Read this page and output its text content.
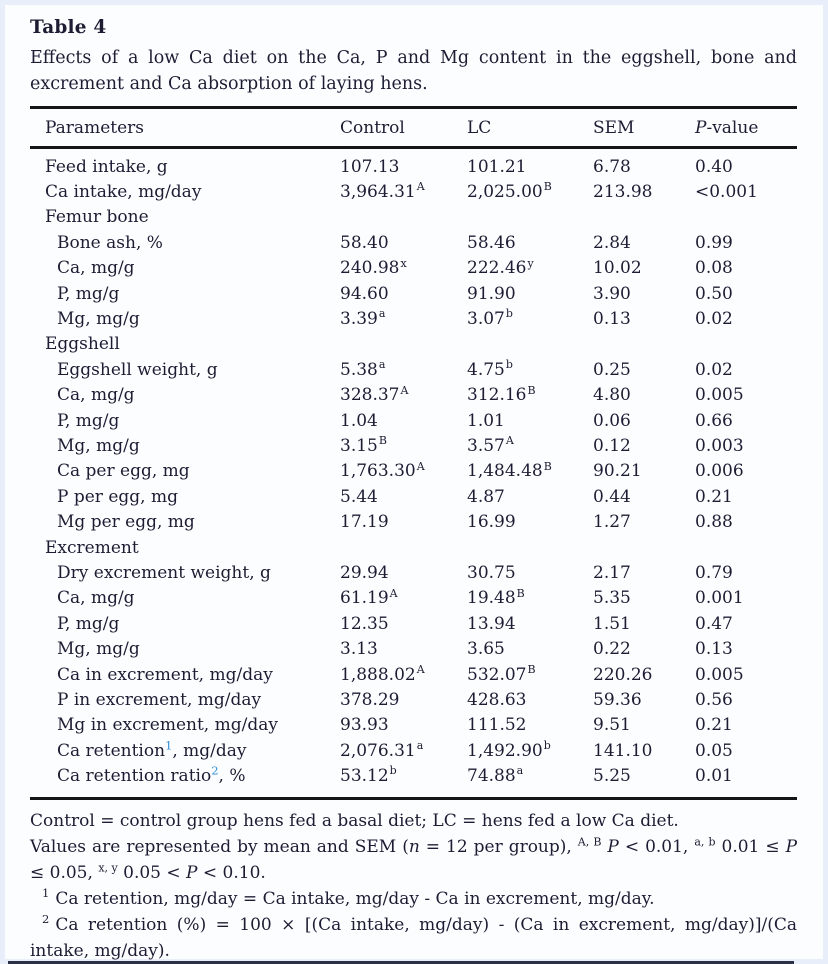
Table 4

Effects of a low Ca diet on the Ca, P and Mg content in the eggshell, bone and excrement and Ca absorption of laying hens.

Parameters	Control	LC	SEM	P-value
Feed intake, g	107.13	101.21	6.78	0.40
Ca intake, mg/day	$3,964.31^A$	$2,025.00^B$	213.98	<0.001
Femur bone
Bone ash, %	58.40	58.46	2.84	0.99
Ca, mg/g	240.98$^x$	222.46$^y$	10.02	0.08
P, mg/g	94.60	91.90	3.90	0.50
Mg, mg/g	3.39$^a$	3.07$^b$	0.13	0.02
Eggshell
Eggshell weight, g	5.38$^a$	4.75$^b$	0.25	0.02
Ca, mg/g	$328.37^A$	$312.16^B$	4.80	0.005
P, mg/g	1.04	1.01	0.06	0.66
Mg, mg/g	$3.15^B$	$3.57^A$	0.12	0.003
Ca per egg, mg	$1,763.30^A$	$1,484.48^B$	90.21	0.006
P per egg, mg	5.44	4.87	0.44	0.21
Mg per egg, mg	17.19	16.99	1.27	0.88
Excrement
Dry excrement weight, g	29.94	30.75	2.17	0.79
Ca, mg/g	$61.19^A$	$19.48^B$	5.35	0.001
P, mg/g	12.35	13.94	1.51	0.47
Mg, mg/g	3.13	3.65	0.22	0.13
Ca in excrement, mg/day	$1,888.02^A$	$532.07^B$	220.26	0.005
P in excrement, mg/day	378.29	428.63	59.36	0.56
Mg in excrement, mg/day	93.93	111.52	9.51	0.21
Ca retention$^1$, mg/day	2,076.31$^a$	1,492.90$^b$	141.10	0.05
Ca retention ratio$^2$, %	53.12$^b$	74.88$^a$	5.25	0.01

Control = control group hens fed a basal diet; LC = hens fed a low Ca diet.

Values are represented by mean and SEM (n = 12 per group), $^{A, B}$ P < 0.01, $^{a, b}$ 0.01 ≤ P ≤ 0.05, $^{x, y}$ 0.05 < P < 0.10.

$^1$ Ca retention, mg/day = Ca intake, mg/day - Ca in excrement, mg/day.

$^2$ Ca retention (%) = 100 × [(Ca intake, mg/day) - (Ca in excrement, mg/day)]/(Ca intake, mg/day).
